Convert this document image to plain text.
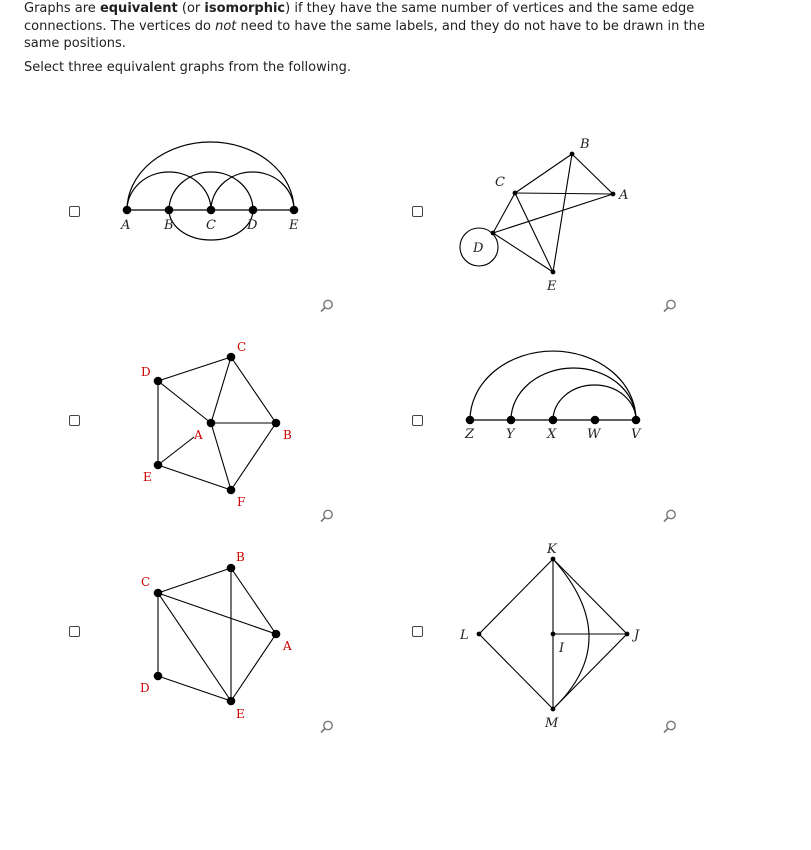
Graphs are equivalent (or isomorphic) if they have the same number of vertices and the same edge connections. The vertices do not need to have the same labels, and they do not have to be drawn in the same positions.

Select three equivalent graphs from the following.

A	B C D E
B
A
C
D
E
C
D
A	B
E
F
Z Y X W V
B
C
A
D
E
K
L	J
I
M
